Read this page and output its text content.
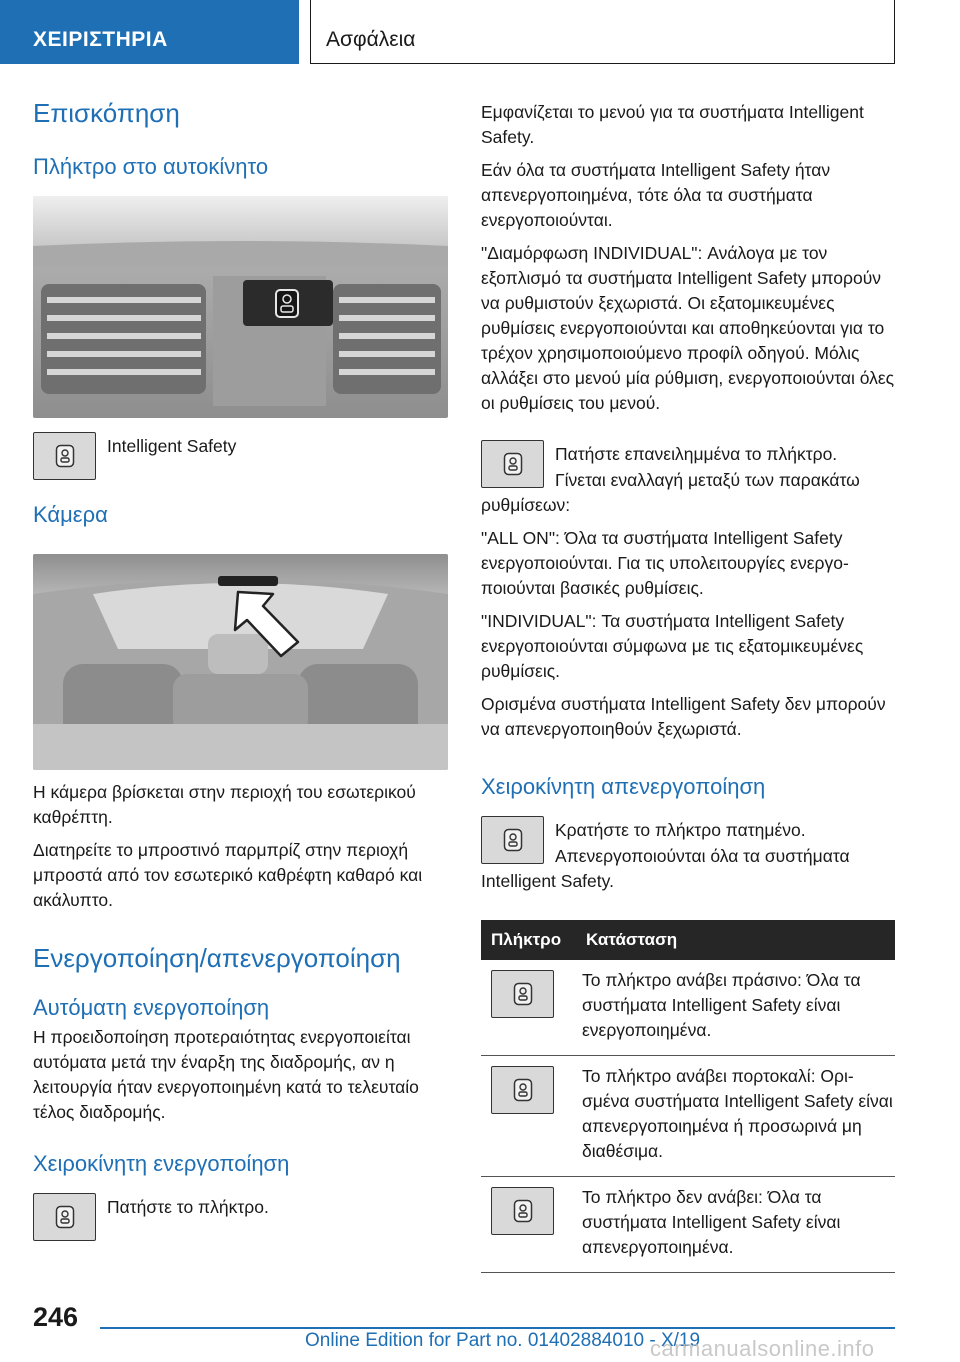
ΧΕΙΡΙΣΤΗΡΙΑ	Ασφάλεια
Επισκόπηση
Πλήκτρο στο αυτοκίνητο
Intelligent Safety
Κάμερα

Η κάμερα βρίσκεται στην περιοχή του εσωτερικού καθρέπτη.

Διατηρείτε το μπροστινό παρμπρίζ στην περιοχή μπροστά από τον εσωτερικό καθρέφτη καθαρό και ακάλυπτο.

Ενεργοποίηση/απενεργοποίηση
Αυτόματη ενεργοποίηση

Η προειδοποίηση προτεραιότητας ενεργοποιείται αυτόματα μετά την έναρξη της διαδρομής, αν η λειτουργία ήταν ενεργοποιημένη κατά το τελευταίο τέλος διαδρομής.

Χειροκίνητη ενεργοποίηση
Πατήστε το πλήκτρο.

Εμφανίζεται το μενού για τα συστήματα Intelligent Safety.

Εάν όλα τα συστήματα Intelligent Safety ήταν απενεργοποιημένα, τότε όλα τα συστήματα ενεργοποιούνται.

"Διαμόρφωση INDIVIDUAL": Ανάλογα με τον εξοπλισμό τα συστήματα Intelligent Safety μπορούν να ρυθμιστούν ξεχωριστά. Οι εξατομικευμένες ρυθμίσεις ενεργοποιούνται και αποθηκεύονται για το τρέχον χρησιμοποιούμενο προφίλ οδηγού. Μόλις αλλάξει στο μενού μία ρύθμιση, ενεργοποιούνται όλες οι ρυθμίσεις του μενού.

Πατήστε επανειλημμένα το πλήκτρο.

Γίνεται εναλλαγή μεταξύ των παρακάτω ρυθμίσεων:

"ALL ON": Όλα τα συστήματα Intelligent Safety ενεργοποιούνται. Για τις υπολειτουργίες ενεργοποιούνται βασικές ρυθμίσεις.

"INDIVIDUAL": Τα συστήματα Intelligent Safety ενεργοποιούνται σύμφωνα με τις εξατομικευμένες ρυθμίσεις.

Ορισμένα συστήματα Intelligent Safety δεν μπορούν να απενεργοποιηθούν ξεχωριστά.

Χειροκίνητη απενεργοποίηση
Κρατήστε το πλήκτρο πατημένο.

Απενεργοποιούνται όλα τα συστήματα Intelligent Safety.

Πλήκτρο	Κατάσταση

	Το πλήκτρο ανάβει πράσινο: Όλα τα συστήματα Intelligent Safety είναι ενεργοποιημένα.

	Το πλήκτρο ανάβει πορτοκαλί: Ορισμένα συστήματα Intelligent Safety είναι απενεργοποιημένα ή προσωρινά μη διαθέσιμα.

	Το πλήκτρο δεν ανάβει: Όλα τα συστήματα Intelligent Safety είναι απενεργοποιημένα.
246
Online Edition for Part no. 01402884010 - X/19
carmanualsonline.info
